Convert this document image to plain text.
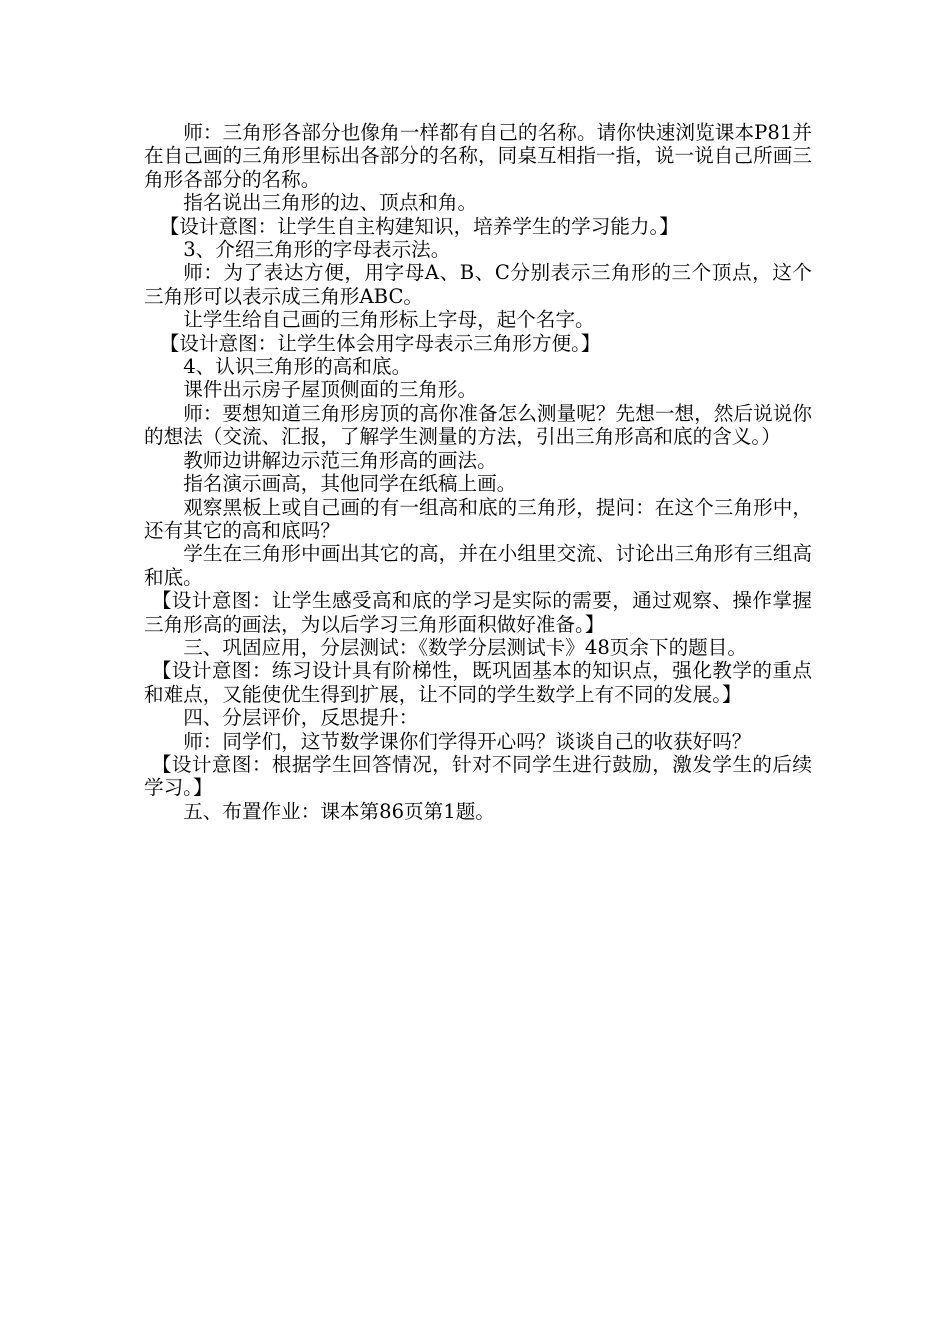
师：三角形各部分也像角一样都有自己的名称。请你快速浏览课本P81并在自己画的三角形里标出各部分的名称，同桌互相指一指，说一说自己所画三角形各部分的名称。

指名说出三角形的边、顶点和角。

【设计意图：让学生自主构建知识，培养学生的学习能力。】

3、介绍三角形的字母表示法。

师：为了表达方便，用字母A、B、C分别表示三角形的三个顶点，这个三角形可以表示成三角形ABC。

让学生给自己画的三角形标上字母，起个名字。

【设计意图：让学生体会用字母表示三角形方便。】

4、认识三角形的高和底。

课件出示房子屋顶侧面的三角形。

师：要想知道三角形房顶的高你准备怎么测量呢？先想一想，然后说说你的想法（交流、汇报，了解学生测量的方法，引出三角形高和底的含义。）

教师边讲解边示范三角形高的画法。

指名演示画高，其他同学在纸稿上画。

观察黑板上或自己画的有一组高和底的三角形，提问：在这个三角形中，还有其它的高和底吗？

学生在三角形中画出其它的高，并在小组里交流、讨论出三角形有三组高和底。

【设计意图：让学生感受高和底的学习是实际的需要，通过观察、操作掌握三角形高的画法，为以后学习三角形面积做好准备。】

三、巩固应用，分层测试：《数学分层测试卡》48页余下的题目。

【设计意图：练习设计具有阶梯性，既巩固基本的知识点，强化教学的重点和难点，又能使优生得到扩展，让不同的学生数学上有不同的发展。】

四、分层评价，反思提升：

师：同学们，这节数学课你们学得开心吗？谈谈自己的收获好吗？

【设计意图：根据学生回答情况，针对不同学生进行鼓励，激发学生的后续学习。】

五、布置作业：课本第86页第1题。
